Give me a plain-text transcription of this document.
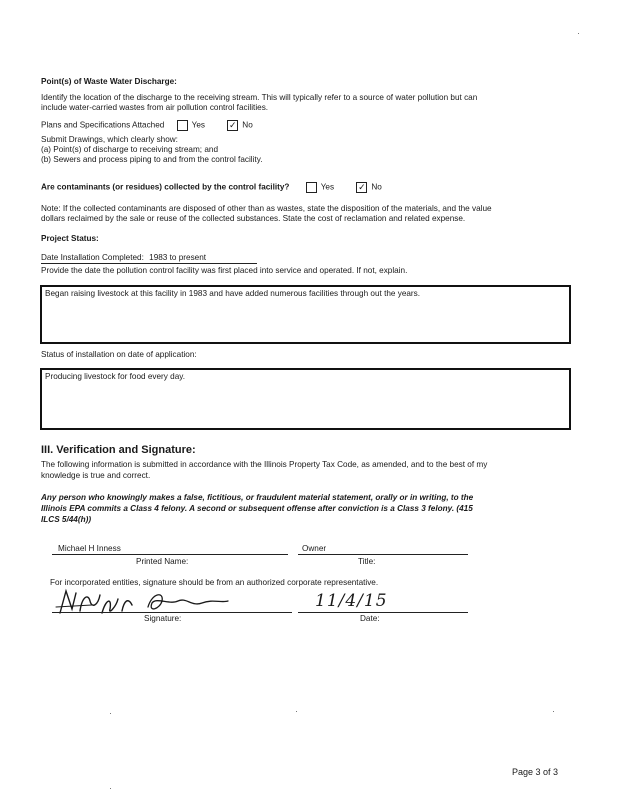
Point(s) of Waste Water Discharge:
Identify the location of the discharge to the receiving stream. This will typically refer to a source of water pollution but can
include water-carried wastes from air pollution control facilities.
Plans and Specifications Attached	Yes	✓ No
Submit Drawings, which clearly show:
(a) Point(s) of discharge to receiving stream; and
(b) Sewers and process piping to and from the control facility.
Are contaminants (or residues) collected by the control facility?	Yes	✓ No
Note: If the collected contaminants are disposed of other than as wastes, state the disposition of the materials, and the value
dollars reclaimed by the sale or reuse of the collected substances. State the cost of reclamation and related expense.
Project Status:
Date Installation Completed: 1983 to present
Provide the date the pollution control facility was first placed into service and operated. If not, explain.
Began raising livestock at this facility in 1983 and have added numerous facilities through out the years.
Status of installation on date of application:
Producing livestock for food every day.
III. Verification and Signature:
The following information is submitted in accordance with the Illinois Property Tax Code, as amended, and to the best of my
knowledge is true and correct.
Any person who knowingly makes a false, fictitious, or fraudulent material statement, orally or in writing, to the
Illinois EPA commits a Class 4 felony. A second or subsequent offense after conviction is a Class 3 felony. (415
ILCS 5/44(h))
Michael H Inness
Printed Name:
Owner
Title:
For incorporated entities, signature should be from an authorized corporate representative.
Signature:
11/4/15
Date:
Page 3 of 3
